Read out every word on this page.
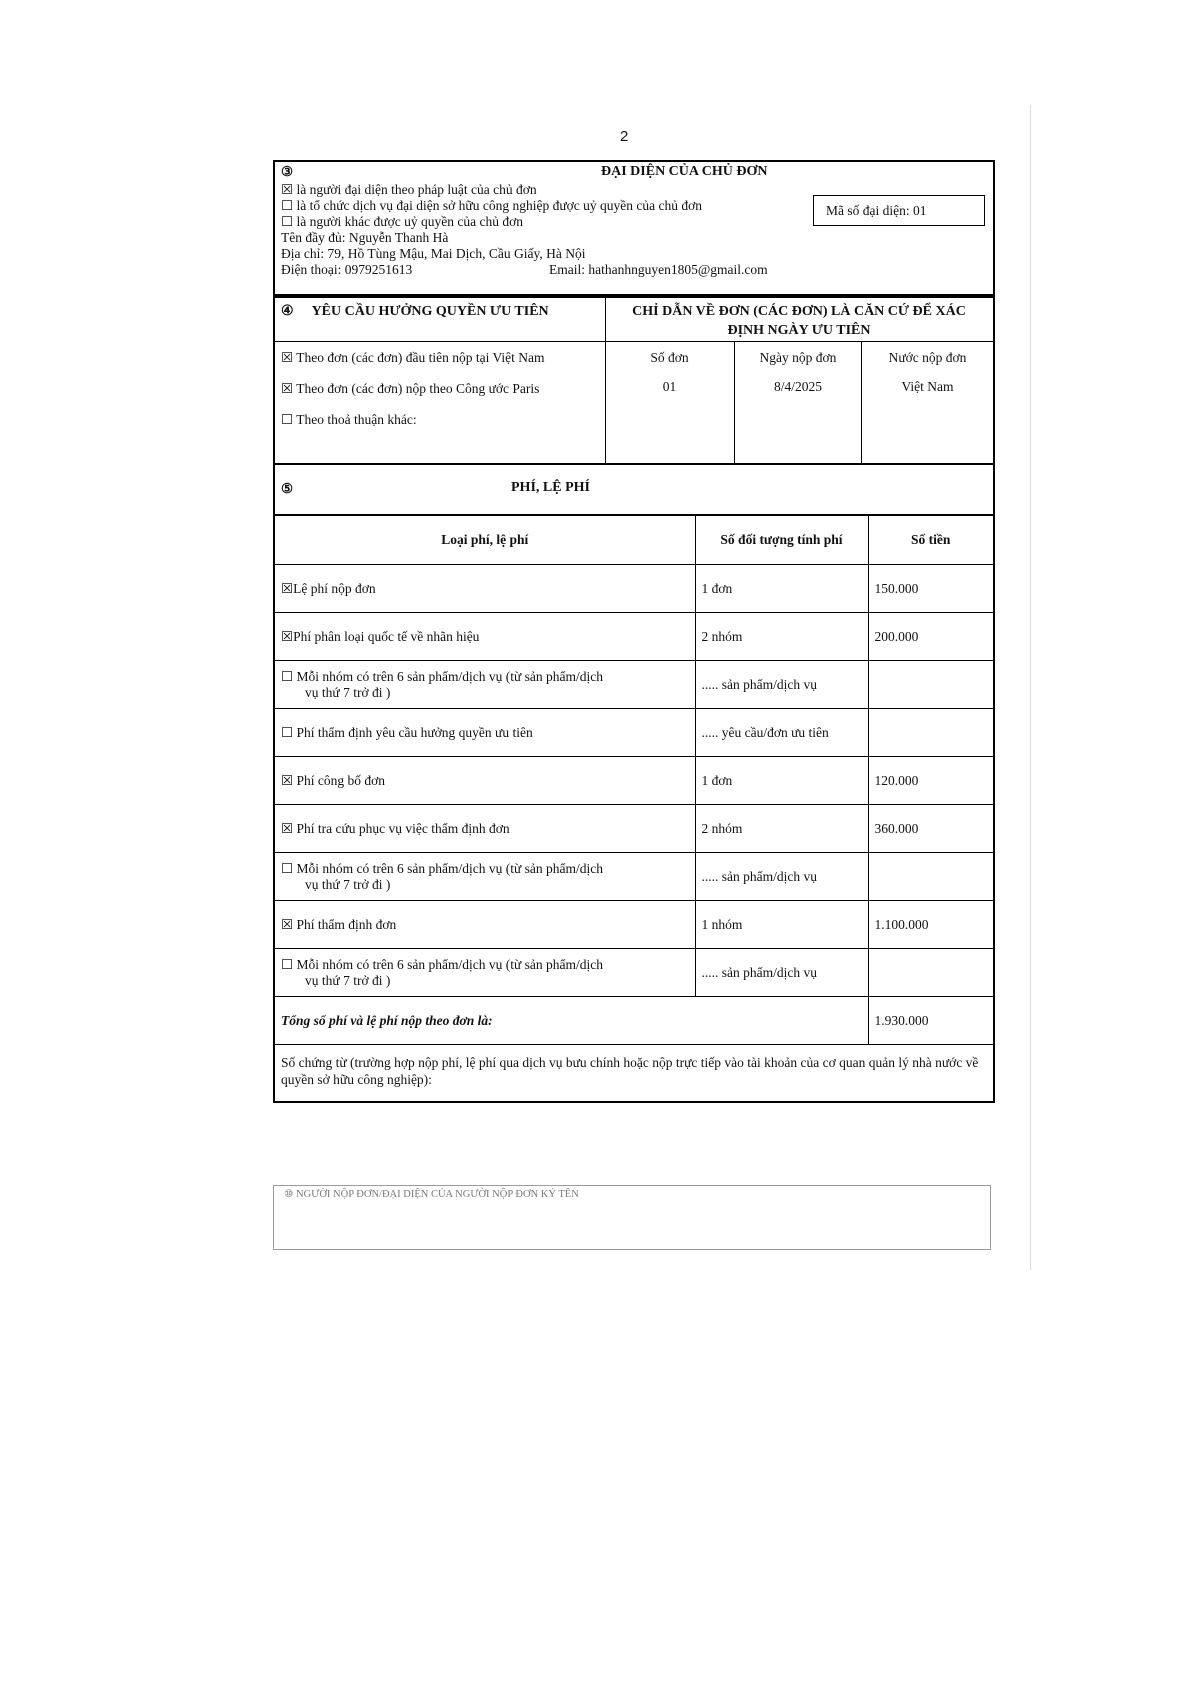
2
③	ĐẠI DIỆN CỦA CHỦ ĐƠN
☒ là người đại diện theo pháp luật của chủ đơn
☐ là tổ chức dịch vụ đại diện sở hữu công nghiệp được uỷ quyền của chủ đơn
☐ là người khác được uỷ quyền của chủ đơn
Tên đầy đủ: Nguyễn Thanh Hà
Địa chỉ: 79, Hồ Tùng Mậu, Mai Dịch, Cầu Giấy, Hà Nội
Điện thoại: 0979251613	Email: hathanhnguyen1805@gmail.com
Mã số đại diện: 01
④ YÊU CẦU HƯỞNG QUYỀN ƯU TIÊN
☒ Theo đơn (các đơn) đầu tiên nộp tại Việt Nam
☒ Theo đơn (các đơn) nộp theo Công ước Paris
☐ Theo thoả thuận khác:
CHỈ DẪN VỀ ĐƠN (CÁC ĐƠN) LÀ CĂN CỨ ĐỂ XÁC
ĐỊNH NGÀY ƯU TIÊN
Số đơn
01
Ngày nộp đơn
8/4/2025
Nước nộp đơn
Việt Nam
⑤	PHÍ, LỆ PHÍ
Loại phí, lệ phí	Số đối tượng tính phí	Số tiền
☒Lệ phí nộp đơn	1 đơn	150.000
☒Phí phân loại quốc tế về nhãn hiệu	2 nhóm	200.000

☐ Mỗi nhóm có trên 6 sản phẩm/dịch vụ (từ sản phẩm/dịch
vụ thứ 7 trở đi )	..... sản phẩm/dịch vụ	
☐ Phí thẩm định yêu cầu hưởng quyền ưu tiên	..... yêu cầu/đơn ưu tiên	
☒ Phí công bố đơn	1 đơn	120.000
☒ Phí tra cứu phục vụ việc thẩm định đơn	2 nhóm	360.000

☐ Mỗi nhóm có trên 6 sản phẩm/dịch vụ (từ sản phẩm/dịch
vụ thứ 7 trở đi )	..... sản phẩm/dịch vụ	
☒ Phí thẩm định đơn	1 nhóm	1.100.000

☐ Mỗi nhóm có trên 6 sản phẩm/dịch vụ (từ sản phẩm/dịch
vụ thứ 7 trở đi )	..... sản phẩm/dịch vụ	
Tổng số phí và lệ phí nộp theo đơn là:		1.930.000
Số chứng từ (trường hợp nộp phí, lệ phí qua dịch vụ bưu chính hoặc nộp trực tiếp vào tài khoản của cơ quan quản lý nhà nước về quyền sở hữu công nghiệp):
⑩ NGƯỜI NỘP ĐƠN/ĐẠI DIỆN CỦA NGƯỜI NỘP ĐƠN KÝ TÊN
